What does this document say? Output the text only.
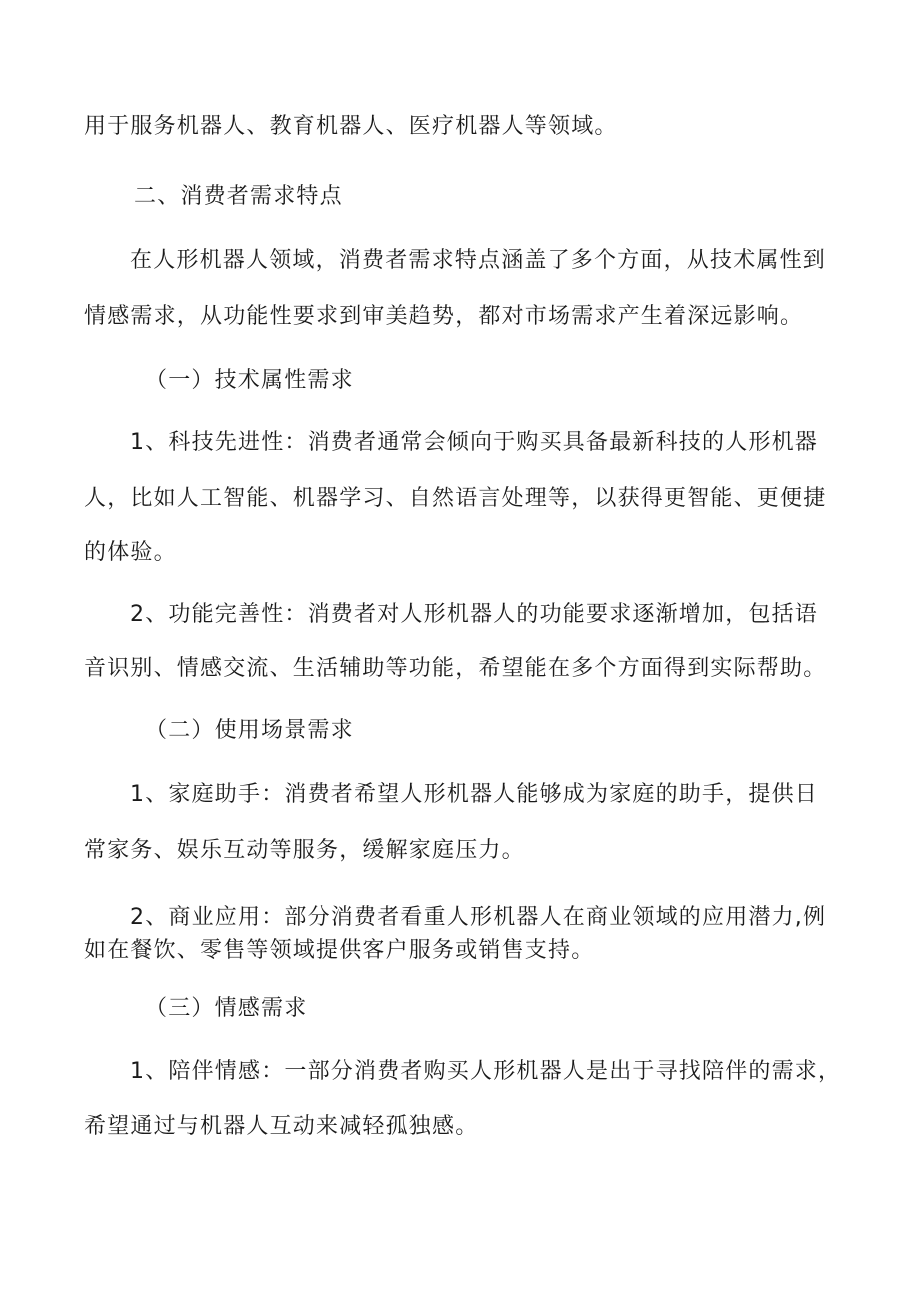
用于服务机器人、教育机器人、医疗机器人等领域。

二、消费者需求特点

在人形机器人领域，消费者需求特点涵盖了多个方面，从技术属性到

情感需求，从功能性要求到审美趋势，都对市场需求产生着深远影响。

（一）技术属性需求

1、科技先进性：消费者通常会倾向于购买具备最新科技的人形机器

人，比如人工智能、机器学习、自然语言处理等，以获得更智能、更便捷

的体验。

2、功能完善性：消费者对人形机器人的功能要求逐渐增加，包括语

音识别、情感交流、生活辅助等功能，希望能在多个方面得到实际帮助。

（二）使用场景需求

1、家庭助手：消费者希望人形机器人能够成为家庭的助手，提供日

常家务、娱乐互动等服务，缓解家庭压力。

2、商业应用：部分消费者看重人形机器人在商业领域的应用潜力,例

如在餐饮、零售等领域提供客户服务或销售支持。

（三）情感需求

1、陪伴情感：一部分消费者购买人形机器人是出于寻找陪伴的需求，

希望通过与机器人互动来减轻孤独感。
